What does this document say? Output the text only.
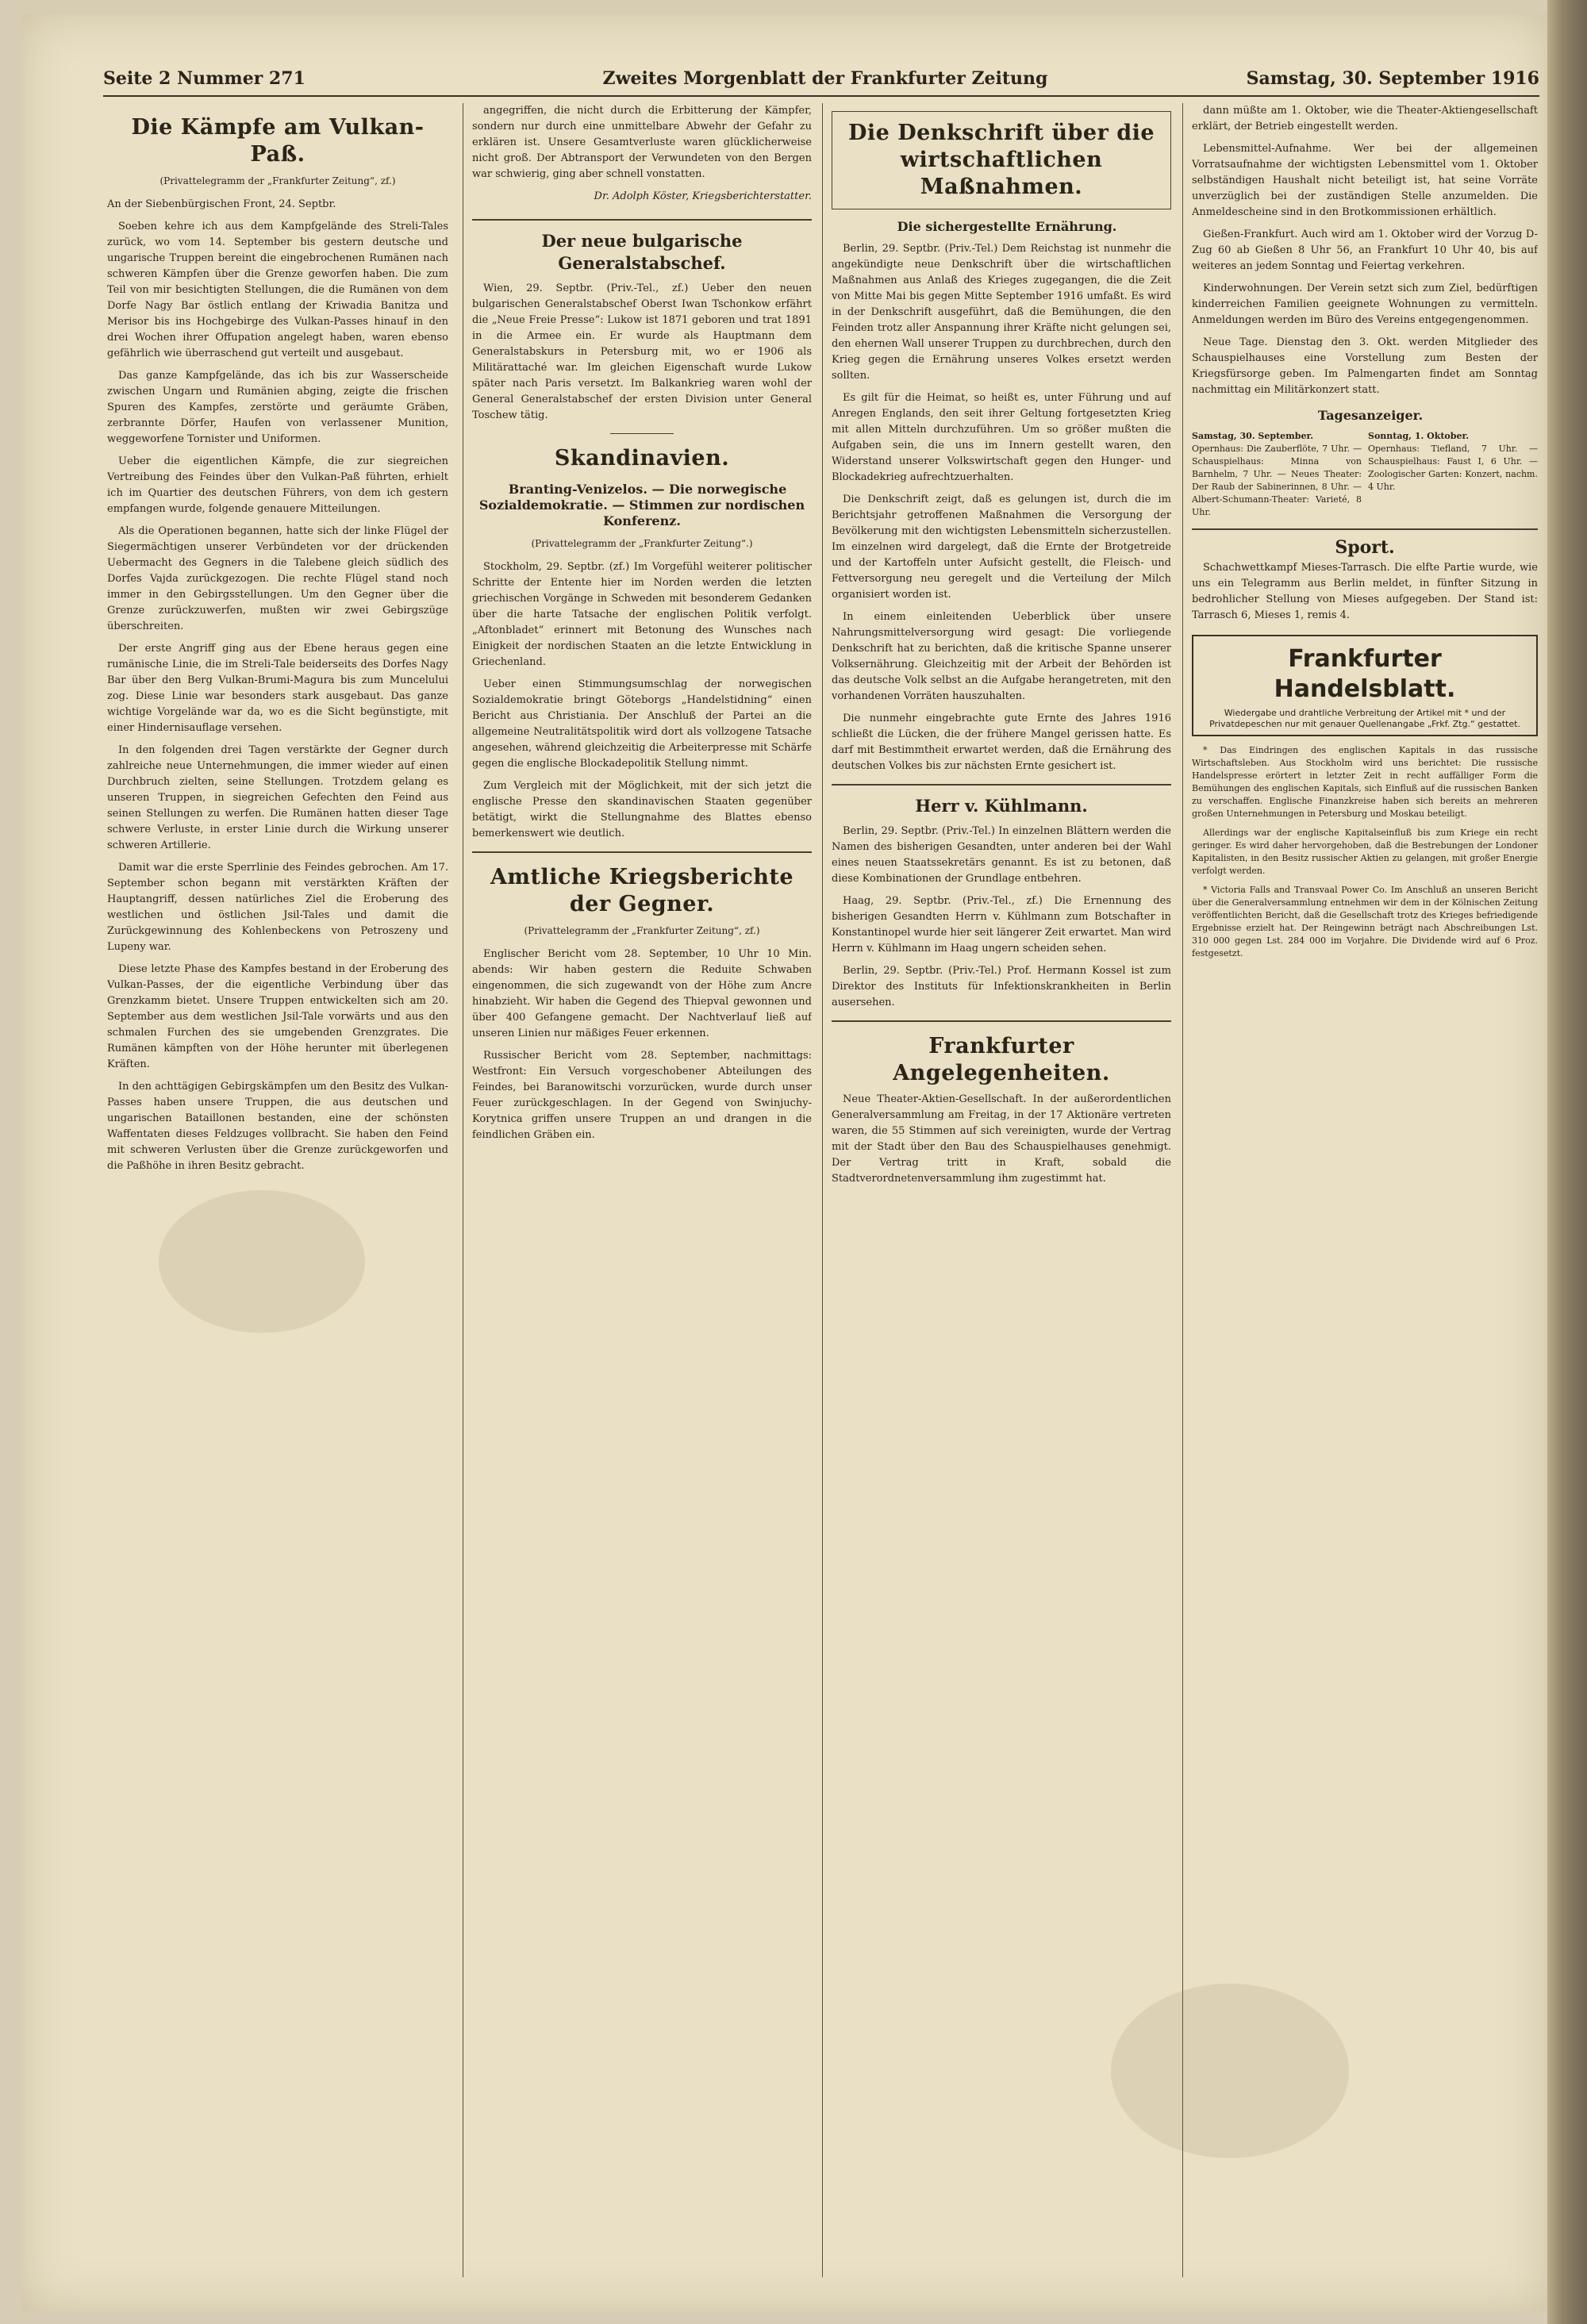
Seite 2 Nummer 271	Zweites Morgenblatt der Frankfurter Zeitung	Samstag, 30. September 1916
Die Kämpfe am Vulkan-Paß.

(Privattelegramm der „Frankfurter Zeitung“, zf.)

An der Siebenbürgischen Front, 24. Septbr.

Soeben kehre ich aus dem Kampfgelände des Streli-Tales zurück, wo vom 14. September bis gestern deutsche und ungarische Truppen bereint die eingebrochenen Rumänen nach schweren Kämpfen über die Grenze geworfen haben. Die zum Teil von mir besichtigten Stellungen, die die Rumänen von dem Dorfe Nagy Bar östlich entlang der Kriwadia Banitza und Merisor bis ins Hochgebirge des Vulkan-Passes hinauf in den drei Wochen ihrer Offupation angelegt haben, waren ebenso gefährlich wie überraschend gut verteilt und ausgebaut.

Das ganze Kampfgelände, das ich bis zur Wasserscheide zwischen Ungarn und Rumänien abging, zeigte die frischen Spuren des Kampfes, zerstörte und geräumte Gräben, zerbrannte Dörfer, Haufen von verlassener Munition, weggeworfene Tornister und Uniformen.

Ueber die eigentlichen Kämpfe, die zur siegreichen Vertreibung des Feindes über den Vulkan-Paß führten, erhielt ich im Quartier des deutschen Führers, von dem ich gestern empfangen wurde, folgende genauere Mitteilungen.

Als die Operationen begannen, hatte sich der linke Flügel der Siegermächtigen unserer Verbündeten vor der drückenden Uebermacht des Gegners in die Talebene gleich südlich des Dorfes Vajda zurückgezogen. Die rechte Flügel stand noch immer in den Gebirgsstellungen. Um den Gegner über die Grenze zurückzuwerfen, mußten wir zwei Gebirgszüge überschreiten.

Der erste Angriff ging aus der Ebene heraus gegen eine rumänische Linie, die im Streli-Tale beiderseits des Dorfes Nagy Bar über den Berg Vulkan-Brumi-Magura bis zum Muncelului zog. Diese Linie war besonders stark ausgebaut. Das ganze wichtige Vorgelände war da, wo es die Sicht begünstigte, mit einer Hindernisauflage versehen.

In den folgenden drei Tagen verstärkte der Gegner durch zahlreiche neue Unternehmungen, die immer wieder auf einen Durchbruch zielten, seine Stellungen. Trotzdem gelang es unseren Truppen, in siegreichen Gefechten den Feind aus seinen Stellungen zu werfen. Die Rumänen hatten dieser Tage schwere Verluste, in erster Linie durch die Wirkung unserer schweren Artillerie.

Damit war die erste Sperrlinie des Feindes gebrochen. Am 17. September schon begann mit verstärkten Kräften der Hauptangriff, dessen natürliches Ziel die Eroberung des westlichen und östlichen Jsil-Tales und damit die Zurückgewinnung des Kohlenbeckens von Petroszeny und Lupeny war.

Diese letzte Phase des Kampfes bestand in der Eroberung des Vulkan-Passes, der die eigentliche Verbindung über das Grenzkamm bietet. Unsere Truppen entwickelten sich am 20. September aus dem westlichen Jsil-Tale vorwärts und aus den schmalen Furchen des sie umgebenden Grenzgrates. Die Rumänen kämpften von der Höhe herunter mit überlegenen Kräften.

In den achttägigen Gebirgskämpfen um den Besitz des Vulkan-Passes haben unsere Truppen, die aus deutschen und ungarischen Bataillonen bestanden, eine der schönsten Waffentaten dieses Feldzuges vollbracht. Sie haben den Feind mit schweren Verlusten über die Grenze zurückgeworfen und die Paßhöhe in ihren Besitz gebracht.

angegriffen, die nicht durch die Erbitterung der Kämpfer, sondern nur durch eine unmittelbare Abwehr der Gefahr zu erklären ist. Unsere Gesamtverluste waren glücklicherweise nicht groß. Der Abtransport der Verwundeten von den Bergen war schwierig, ging aber schnell vonstatten.

Dr. Adolph Köster, Kriegsberichterstatter.

Der neue bulgarische Generalstabschef.

Wien, 29. Septbr. (Priv.-Tel., zf.) Ueber den neuen bulgarischen Generalstabschef Oberst Iwan Tschonkow erfährt die „Neue Freie Presse“: Lukow ist 1871 geboren und trat 1891 in die Armee ein. Er wurde als Hauptmann dem Generalstabskurs in Petersburg mit, wo er 1906 als Militärattaché war. Im gleichen Eigenschaft wurde Lukow später nach Paris versetzt. Im Balkankrieg waren wohl der General Generalstabschef der ersten Division unter General Toschew tätig.

Skandinavien.

Branting-Venizelos. — Die norwegische Sozialdemokratie. — Stimmen zur nordischen Konferenz.

(Privattelegramm der „Frankfurter Zeitung“.)

Stockholm, 29. Septbr. (zf.) Im Vorgefühl weiterer politischer Schritte der Entente hier im Norden werden die letzten griechischen Vorgänge in Schweden mit besonderem Gedanken über die harte Tatsache der englischen Politik verfolgt. „Aftonbladet“ erinnert mit Betonung des Wunsches nach Einigkeit der nordischen Staaten an die letzte Entwicklung in Griechenland.

Ueber einen Stimmungsumschlag der norwegischen Sozialdemokratie bringt Göteborgs „Handelstidning“ einen Bericht aus Christiania. Der Anschluß der Partei an die allgemeine Neutralitätspolitik wird dort als vollzogene Tatsache angesehen, während gleichzeitig die Arbeiterpresse mit Schärfe gegen die englische Blockadepolitik Stellung nimmt.

Zum Vergleich mit der Möglichkeit, mit der sich jetzt die englische Presse den skandinavischen Staaten gegenüber betätigt, wirkt die Stellungnahme des Blattes ebenso bemerkenswert wie deutlich.

Amtliche Kriegsberichte der Gegner.

(Privattelegramm der „Frankfurter Zeitung“, zf.)

Englischer Bericht vom 28. September, 10 Uhr 10 Min. abends: Wir haben gestern die Reduite Schwaben eingenommen, die sich zugewandt von der Höhe zum Ancre hinabzieht. Wir haben die Gegend des Thiepval gewonnen und über 400 Gefangene gemacht. Der Nachtverlauf ließ auf unseren Linien nur mäßiges Feuer erkennen.

Russischer Bericht vom 28. September, nachmittags: Westfront: Ein Versuch vorgeschobener Abteilungen des Feindes, bei Baranowitschi vorzurücken, wurde durch unser Feuer zurückgeschlagen. In der Gegend von Swinjuchy-Korytnica griffen unsere Truppen an und drangen in die feindlichen Gräben ein.

Die Denkschrift über die wirtschaftlichen Maßnahmen.

Die sichergestellte Ernährung.

Berlin, 29. Septbr. (Priv.-Tel.) Dem Reichstag ist nunmehr die angekündigte neue Denkschrift über die wirtschaftlichen Maßnahmen aus Anlaß des Krieges zugegangen, die die Zeit von Mitte Mai bis gegen Mitte September 1916 umfaßt. Es wird in der Denkschrift ausgeführt, daß die Bemühungen, die den Feinden trotz aller Anspannung ihrer Kräfte nicht gelungen sei, den ehernen Wall unserer Truppen zu durchbrechen, durch den Krieg gegen die Ernährung unseres Volkes ersetzt werden sollten.

Es gilt für die Heimat, so heißt es, unter Führung und auf Anregen Englands, den seit ihrer Geltung fortgesetzten Krieg mit allen Mitteln durchzuführen. Um so größer mußten die Aufgaben sein, die uns im Innern gestellt waren, den Widerstand unserer Volkswirtschaft gegen den Hunger- und Blockadekrieg aufrechtzuerhalten.

Die Denkschrift zeigt, daß es gelungen ist, durch die im Berichtsjahr getroffenen Maßnahmen die Versorgung der Bevölkerung mit den wichtigsten Lebensmitteln sicherzustellen. Im einzelnen wird dargelegt, daß die Ernte der Brotgetreide und der Kartoffeln unter Aufsicht gestellt, die Fleisch- und Fettversorgung neu geregelt und die Verteilung der Milch organisiert worden ist.

In einem einleitenden Ueberblick über unsere Nahrungsmittelversorgung wird gesagt: Die vorliegende Denkschrift hat zu berichten, daß die kritische Spanne unserer Volksernährung. Gleichzeitig mit der Arbeit der Behörden ist das deutsche Volk selbst an die Aufgabe herangetreten, mit den vorhandenen Vorräten hauszuhalten.

Die nunmehr eingebrachte gute Ernte des Jahres 1916 schließt die Lücken, die der frühere Mangel gerissen hatte. Es darf mit Bestimmtheit erwartet werden, daß die Ernährung des deutschen Volkes bis zur nächsten Ernte gesichert ist.

Herr v. Kühlmann.

Berlin, 29. Septbr. (Priv.-Tel.) In einzelnen Blättern werden die Namen des bisherigen Gesandten, unter anderen bei der Wahl eines neuen Staatssekretärs genannt. Es ist zu betonen, daß diese Kombinationen der Grundlage entbehren.

Haag, 29. Septbr. (Priv.-Tel., zf.) Die Ernennung des bisherigen Gesandten Herrn v. Kühlmann zum Botschafter in Konstantinopel wurde hier seit längerer Zeit erwartet. Man wird Herrn v. Kühlmann im Haag ungern scheiden sehen.

Berlin, 29. Septbr. (Priv.-Tel.) Prof. Hermann Kossel ist zum Direktor des Instituts für Infektionskrankheiten in Berlin ausersehen.

Frankfurter Angelegenheiten.

Neue Theater-Aktien-Gesellschaft. In der außerordentlichen Generalversammlung am Freitag, in der 17 Aktionäre vertreten waren, die 55 Stimmen auf sich vereinigten, wurde der Vertrag mit der Stadt über den Bau des Schauspielhauses genehmigt. Der Vertrag tritt in Kraft, sobald die Stadtverordnetenversammlung ihm zugestimmt hat.

dann müßte am 1. Oktober, wie die Theater-Aktiengesellschaft erklärt, der Betrieb eingestellt werden.

Lebensmittel-Aufnahme. Wer bei der allgemeinen Vorratsaufnahme der wichtigsten Lebensmittel vom 1. Oktober selbständigen Haushalt nicht beteiligt ist, hat seine Vorräte unverzüglich bei der zuständigen Stelle anzumelden. Die Anmeldescheine sind in den Brotkommissionen erhältlich.

Gießen-Frankfurt. Auch wird am 1. Oktober wird der Vorzug D-Zug 60 ab Gießen 8 Uhr 56, an Frankfurt 10 Uhr 40, bis auf weiteres an jedem Sonntag und Feiertag verkehren.

Kinderwohnungen. Der Verein setzt sich zum Ziel, bedürftigen kinderreichen Familien geeignete Wohnungen zu vermitteln. Anmeldungen werden im Büro des Vereins entgegengenommen.

Neue Tage. Dienstag den 3. Okt. werden Mitglieder des Schauspielhauses eine Vorstellung zum Besten der Kriegsfürsorge geben. Im Palmengarten findet am Sonntag nachmittag ein Militärkonzert statt.

Tagesanzeiger.

Samstag, 30. September.
Opernhaus: Die Zauberflöte, 7 Uhr. — Schauspielhaus: Minna von Barnhelm, 7 Uhr. — Neues Theater: Der Raub der Sabinerinnen, 8 Uhr. — Albert-Schumann-Theater: Varieté, 8 Uhr.
Sonntag, 1. Oktober.
Opernhaus: Tiefland, 7 Uhr. — Schauspielhaus: Faust I, 6 Uhr. — Zoologischer Garten: Konzert, nachm. 4 Uhr.
Sport.

Schachwettkampf Mieses-Tarrasch. Die elfte Partie wurde, wie uns ein Telegramm aus Berlin meldet, in fünfter Sitzung in bedrohlicher Stellung von Mieses aufgegeben. Der Stand ist: Tarrasch 6, Mieses 1, remis 4.

Frankfurter Handelsblatt.
Wiedergabe und drahtliche Verbreitung der Artikel mit * und der Privatdepeschen nur mit genauer Quellenangabe „Frkf. Ztg.“ gestattet.

* Das Eindringen des englischen Kapitals in das russische Wirtschaftsleben. Aus Stockholm wird uns berichtet: Die russische Handelspresse erörtert in letzter Zeit in recht auffälliger Form die Bemühungen des englischen Kapitals, sich Einfluß auf die russischen Banken zu verschaffen. Englische Finanzkreise haben sich bereits an mehreren großen Unternehmungen in Petersburg und Moskau beteiligt.

Allerdings war der englische Kapitalseinfluß bis zum Kriege ein recht geringer. Es wird daher hervorgehoben, daß die Bestrebungen der Londoner Kapitalisten, in den Besitz russischer Aktien zu gelangen, mit großer Energie verfolgt werden.

* Victoria Falls and Transvaal Power Co. Im Anschluß an unseren Bericht über die Generalversammlung entnehmen wir dem in der Kölnischen Zeitung veröffentlichten Bericht, daß die Gesellschaft trotz des Krieges befriedigende Ergebnisse erzielt hat. Der Reingewinn beträgt nach Abschreibungen Lst. 310 000 gegen Lst. 284 000 im Vorjahre. Die Dividende wird auf 6 Proz. festgesetzt.
